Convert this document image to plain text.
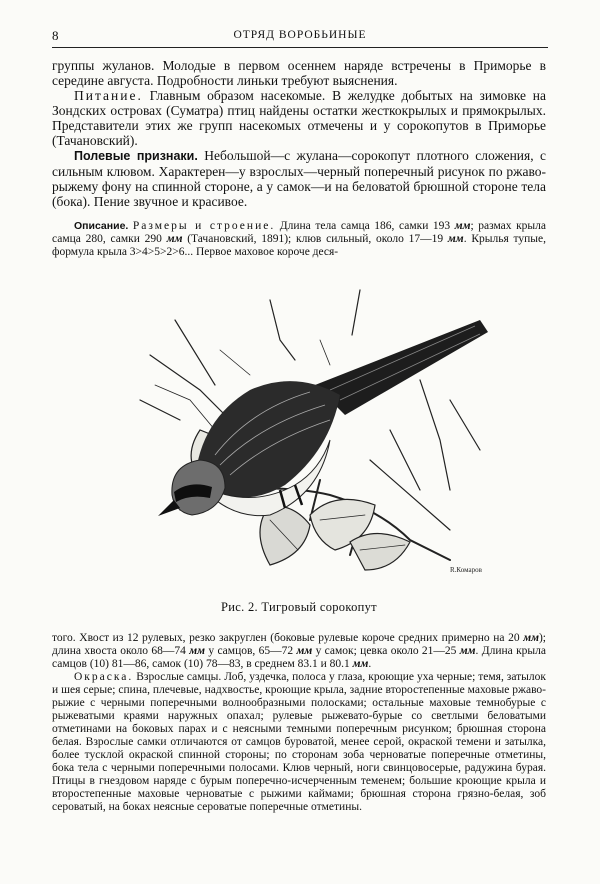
8	ОТРЯД ВОРОБЬИНЫЕ

группы жуланов. Молодые в первом осеннем наряде встречены в Приморье в середине августа. Подробности линьки требуют выяснения.

Питание. Главным образом насекомые. В желудке добытых на зимовке на Зондских островах (Суматра) птиц найдены остатки жесткокрылых и прямокрылых. Представители этих же групп насекомых отмечены и у сорокопутов в Приморье (Тачановский).

Полевые признаки. Небольшой—с жулана—сорокопут плотного сложения, с сильным клювом. Характерен—у взрослых—черный поперечный рисунок по ржаво-рыжему фону на спинной стороне, а у самок—и на беловатой брюшной стороне тела (бока). Пение звучное и красивое.

Описание. Размеры и строение. Длина тела самца 186, самки 193 мм; размах крыла самца 280, самки 290 мм (Тачановский, 1891); клюв сильный, около 17—19 мм. Крылья тупые, формула крыла 3>4>5>2>6... Первое маховое короче деся-

R.Комаров
Рис. 2. Тигровый сорокопут

того. Хвост из 12 рулевых, резко закруглен (боковые рулевые короче средних примерно на 20 мм); длина хвоста около 68—74 мм у самцов, 65—72 мм у самок; цевка около 21—25 мм. Длина крыла самцов (10) 81—86, самок (10) 78—83, в среднем 83.1 и 80.1 мм.

Окраска. Взрослые самцы. Лоб, уздечка, полоса у глаза, кроющие уха черные; темя, затылок и шея серые; спина, плечевые, надхвостье, кроющие крыла, задние второстепенные маховые ржаво-рыжие с черными поперечными волнообразными полосками; остальные маховые темнобурые с рыжеватыми краями наружных опахал; рулевые рыжевато-бурые со светлыми беловатыми отметинами на боковых парах и с неясными темными поперечным рисунком; брюшная сторона белая. Взрослые самки отличаются от самцов буроватой, менее серой, окраской темени и затылка, более тусклой окраской спинной стороны; по сторонам зоба черноватые поперечные отметины, бока тела с черными поперечными полосами. Клюв черный, ноги свинцовосерые, радужина бурая. Птицы в гнездовом наряде с бурым поперечно-исчерченным теменем; большие кроющие крыла и второстепенные маховые черноватые с рыжими каймами; брюшная сторона грязно-белая, зоб сероватый, на боках неясные сероватые поперечные отметины.
